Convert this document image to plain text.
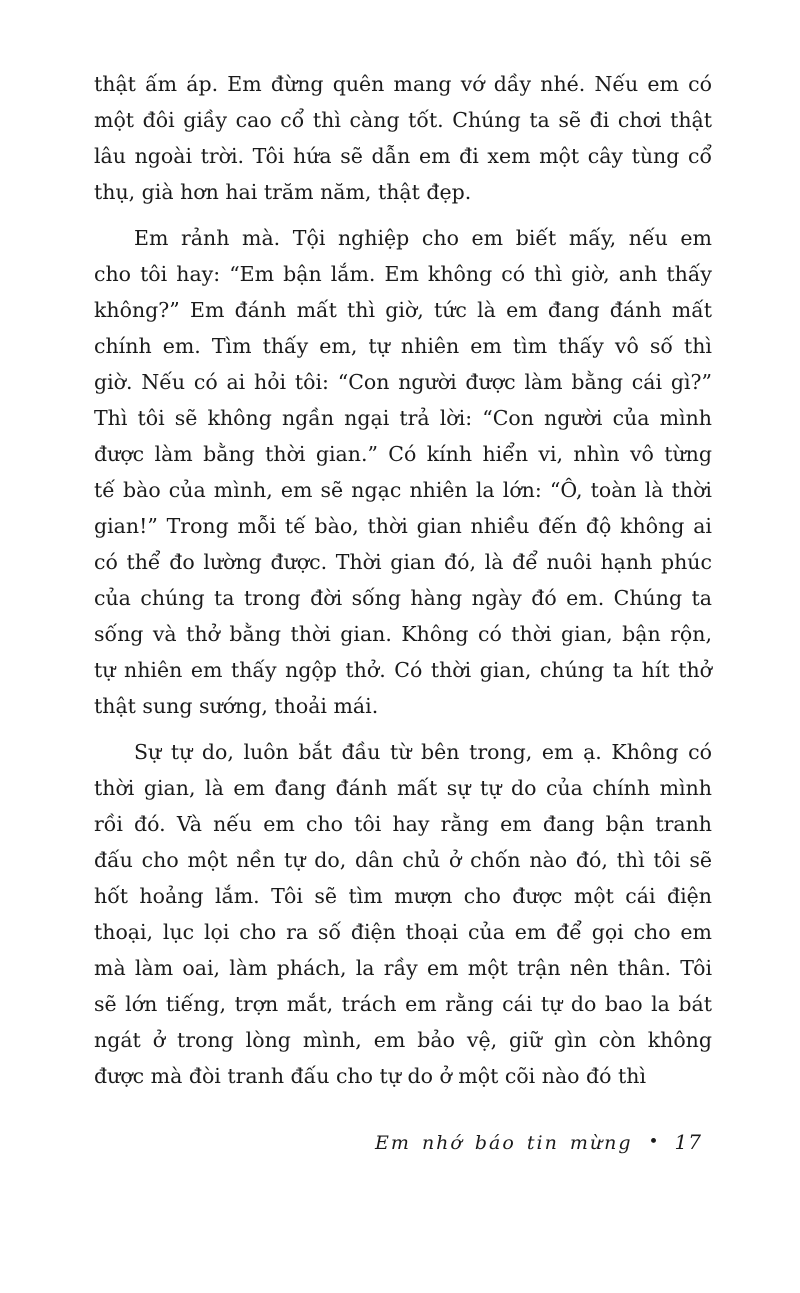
thật ấm áp. Em đừng quên mang vớ dầy nhé. Nếu em có
một đôi giầy cao cổ thì càng tốt. Chúng ta sẽ đi chơi thật
lâu ngoài trời. Tôi hứa sẽ dẫn em đi xem một cây tùng cổ
thụ, già hơn hai trăm năm, thật đẹp.
Em rảnh mà. Tội nghiệp cho em biết mấy, nếu em
cho tôi hay: “Em bận lắm. Em không có thì giờ, anh thấy
không?” Em đánh mất thì giờ, tức là em đang đánh mất
chính em. Tìm thấy em, tự nhiên em tìm thấy vô số thì
giờ. Nếu có ai hỏi tôi: “Con người được làm bằng cái gì?”
Thì tôi sẽ không ngần ngại trả lời: “Con người của mình
được làm bằng thời gian.” Có kính hiển vi, nhìn vô từng
tế bào của mình, em sẽ ngạc nhiên la lớn: “Ô, toàn là thời
gian!” Trong mỗi tế bào, thời gian nhiều đến độ không ai
có thể đo lường được. Thời gian đó, là để nuôi hạnh phúc
của chúng ta trong đời sống hàng ngày đó em. Chúng ta
sống và thở bằng thời gian. Không có thời gian, bận rộn,
tự nhiên em thấy ngộp thở. Có thời gian, chúng ta hít thở
thật sung sướng, thoải mái.
Sự tự do, luôn bắt đầu từ bên trong, em ạ. Không có
thời gian, là em đang đánh mất sự tự do của chính mình
rồi đó. Và nếu em cho tôi hay rằng em đang bận tranh
đấu cho một nền tự do, dân chủ ở chốn nào đó, thì tôi sẽ
hốt hoảng lắm. Tôi sẽ tìm mượn cho được một cái điện
thoại, lục lọi cho ra số điện thoại của em để gọi cho em
mà làm oai, làm phách, la rầy em một trận nên thân. Tôi
sẽ lớn tiếng, trợn mắt, trách em rằng cái tự do bao la bát
ngát ở trong lòng mình, em bảo vệ, giữ gìn còn không
được mà đòi tranh đấu cho tự do ở một cõi nào đó thì
Em nhớ báo tin mừng • 17
